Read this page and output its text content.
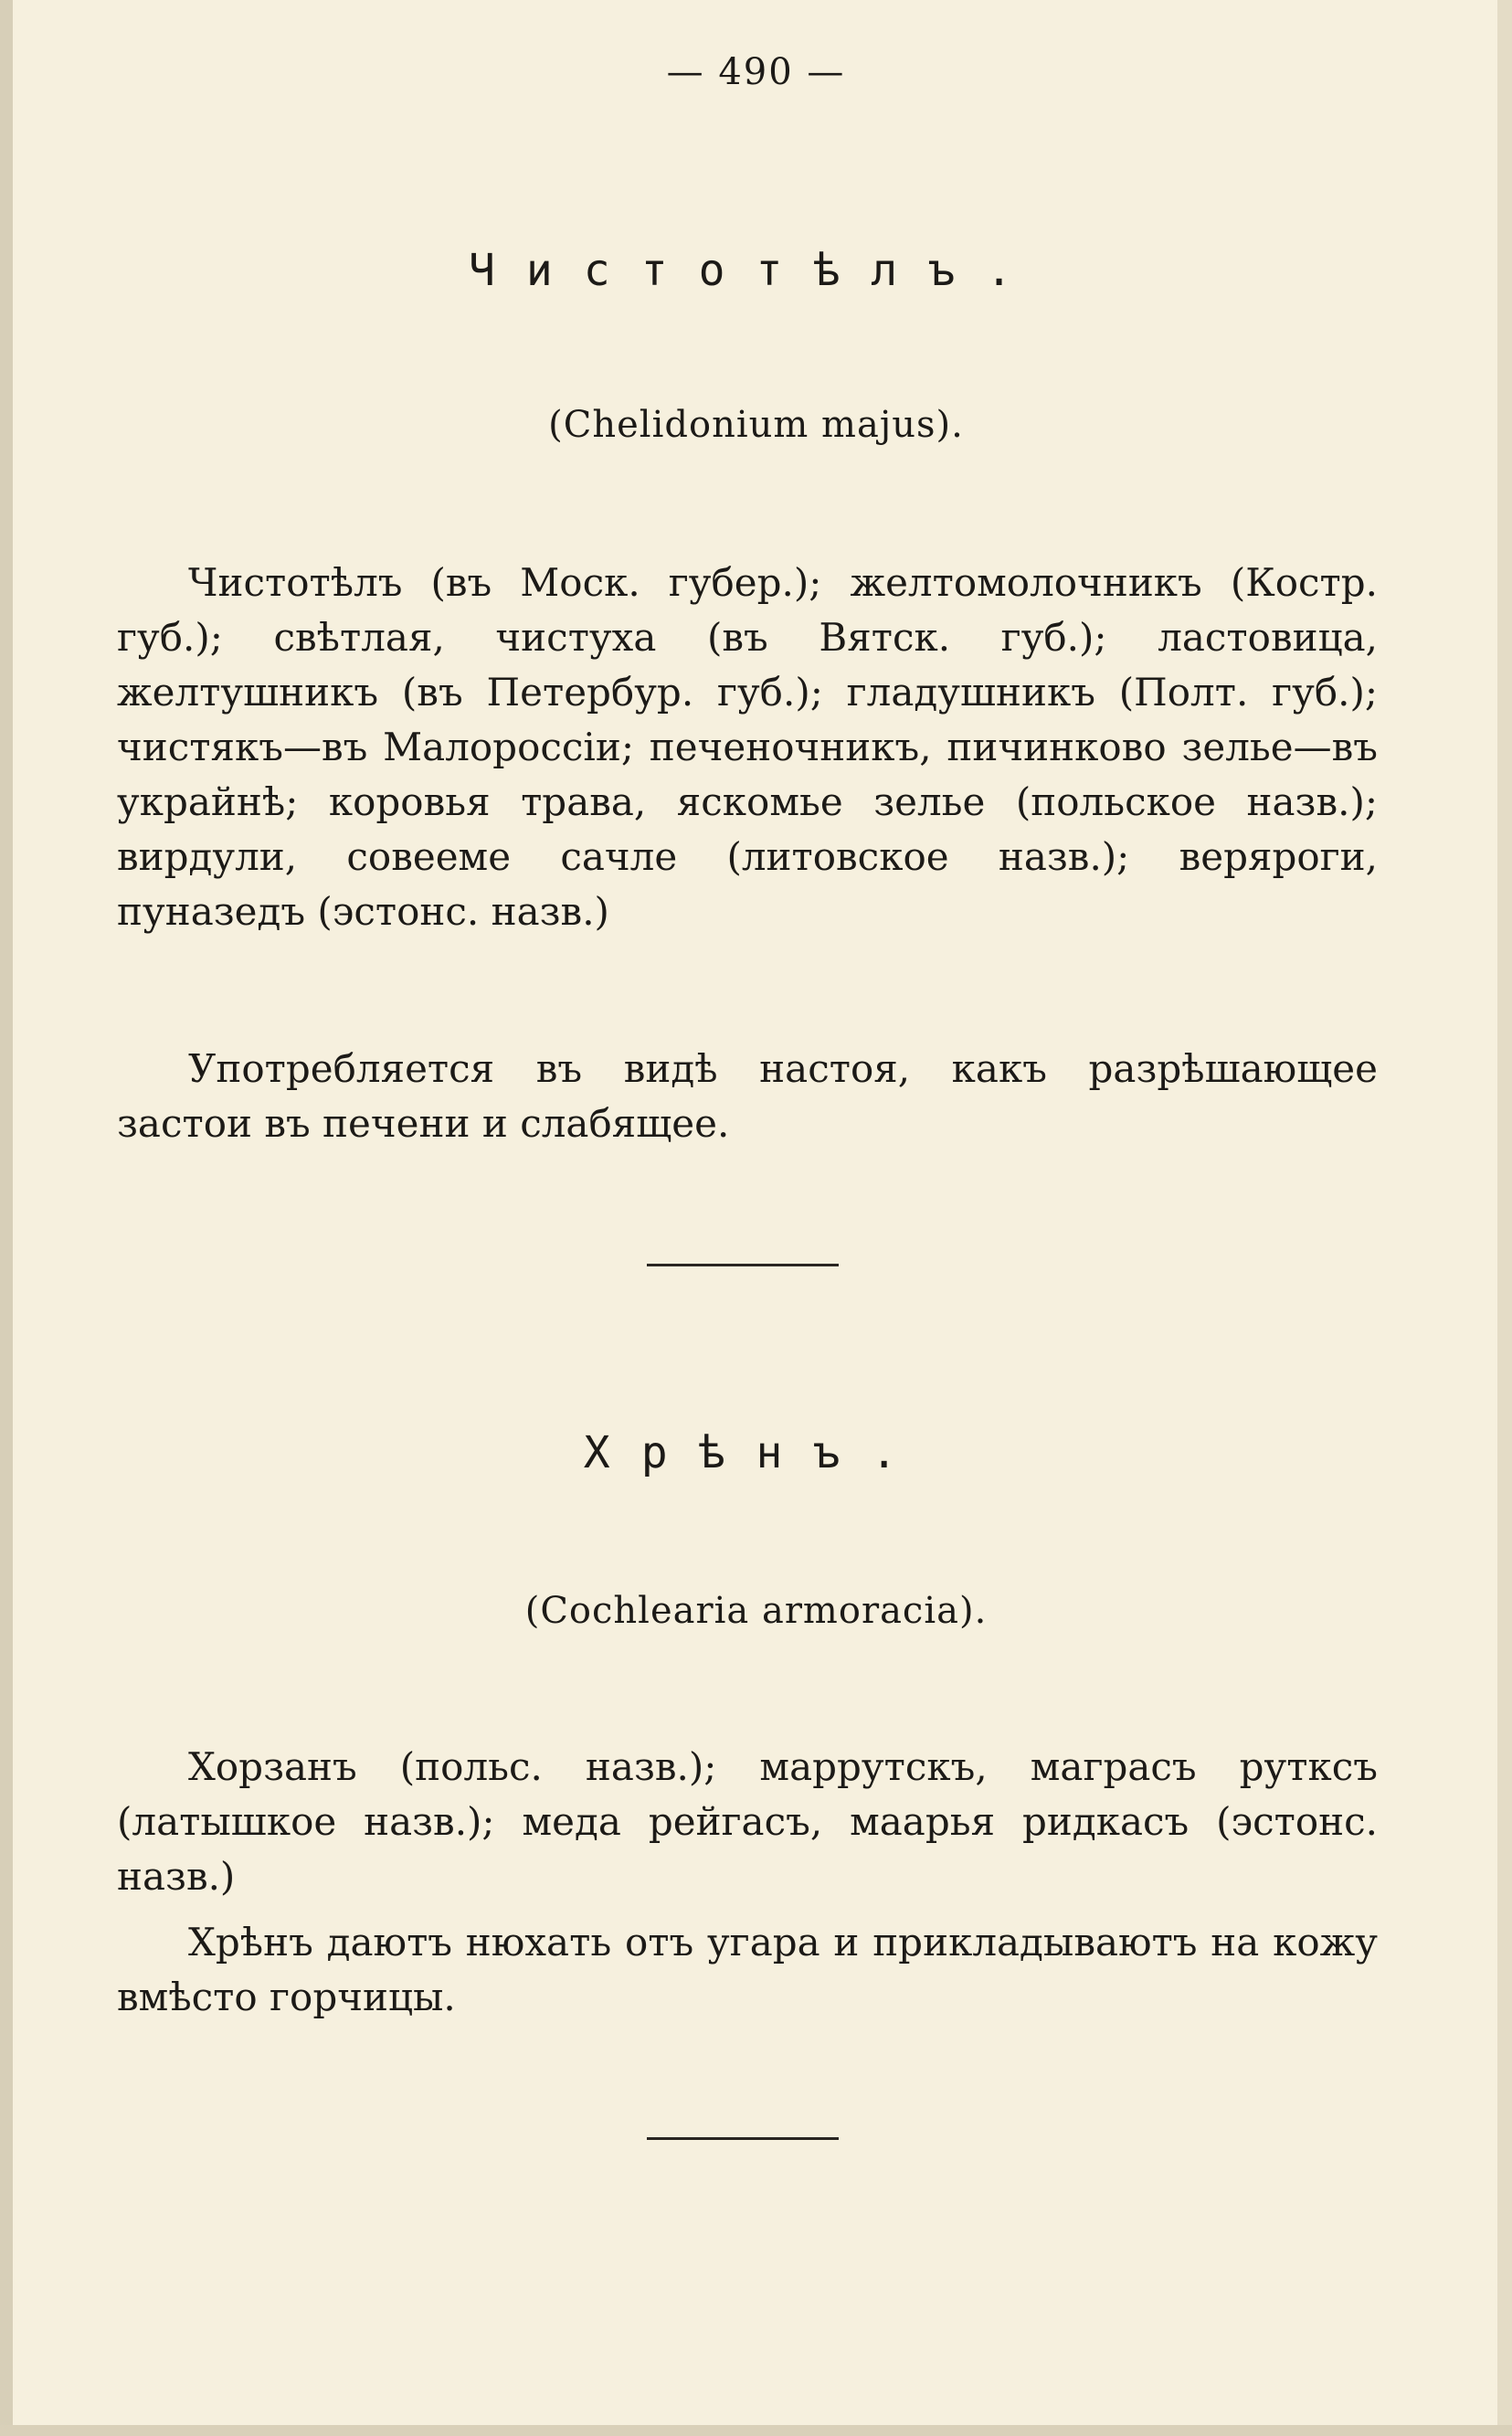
— 490 —
Чистотѣлъ.
(Chelidonium majus).

Чистотѣлъ (въ Моск. губер.); желтомолочникъ (Костр. губ.); свѣтлая, чистуха (въ Вятск. губ.); ластовица, желтушникъ (въ Петербур. губ.); гладушникъ (Полт. губ.); чистякъ—въ Малороссіи; печеночникъ, пичинково зелье—въ украйнѣ; коровья трава, яскомье зелье (польское назв.); вирдули, совееме сачле (литовское назв.); веряроги, пуназедъ (эстонс. назв.)

Употребляется въ видѣ настоя, какъ разрѣшающее застои въ печени и слабящее.

Хрѣнъ.
(Cochlearia armoracia).

Хорзанъ (польс. назв.); маррутскъ, маграсъ руткcъ (латышкое назв.); меда рейгасъ, маарья ридкасъ (эстонс. назв.)

Хрѣнъ даютъ нюхать отъ угара и прикладываютъ на кожу вмѣсто горчицы.
